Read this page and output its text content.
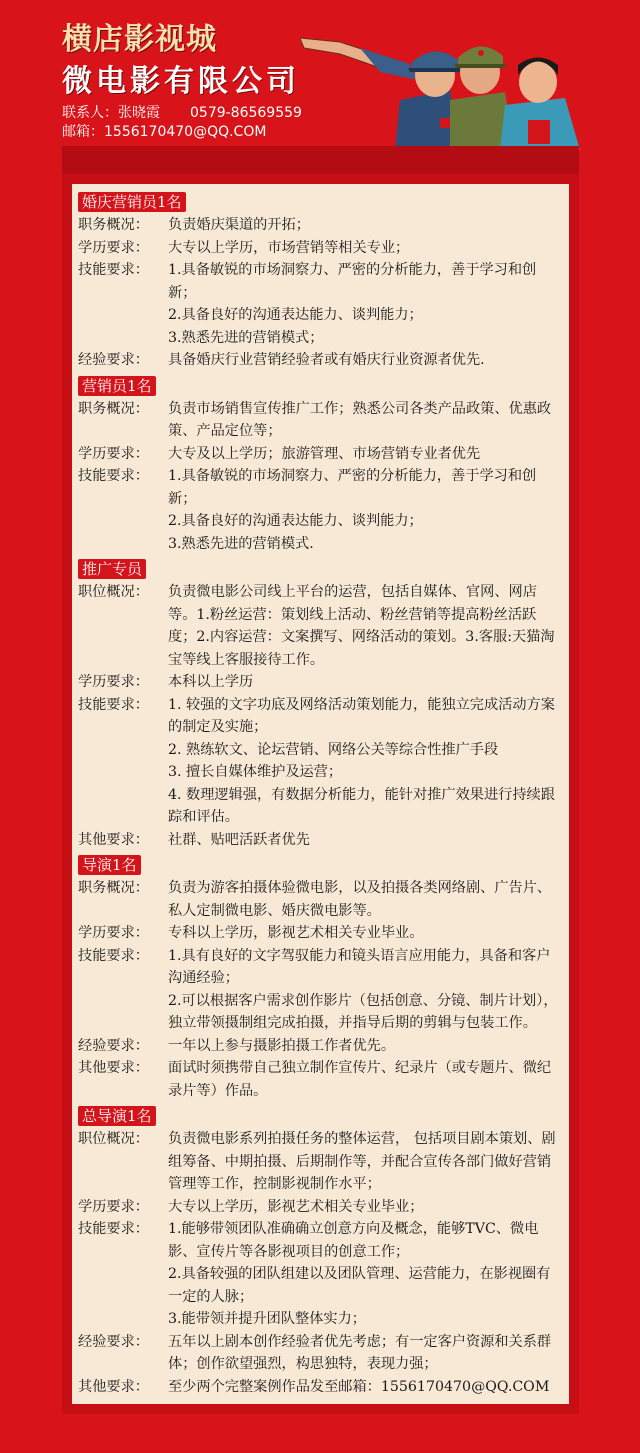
横店影视城
微电影有限公司
联系人：张晓霞 0579-86569559
邮箱：1556170470@QQ.COM
婚庆营销员1名
职务概况：	负责婚庆渠道的开拓；
学历要求：	大专以上学历，市场营销等相关专业；
技能要求：	1.具备敏锐的市场洞察力、严密的分析能力，善于学习和创新；
2.具备良好的沟通表达能力、谈判能力；
3.熟悉先进的营销模式；
经验要求：	具备婚庆行业营销经验者或有婚庆行业资源者优先.
营销员1名
职务概况：	负责市场销售宣传推广工作；熟悉公司各类产品政策、优惠政策、产品定位等；
学历要求：	大专及以上学历；旅游管理、市场营销专业者优先
技能要求：	1.具备敏锐的市场洞察力、严密的分析能力，善于学习和创新；
2.具备良好的沟通表达能力、谈判能力；
3.熟悉先进的营销模式.
推广专员
职位概况：	负责微电影公司线上平台的运营，包括自媒体、官网、网店等。1.粉丝运营：策划线上活动、粉丝营销等提高粉丝活跃度；2.内容运营：文案撰写、网络活动的策划。3.客服:天猫淘宝等线上客服接待工作。
学历要求：	本科以上学历
技能要求：	1. 较强的文字功底及网络活动策划能力，能独立完成活动方案的制定及实施；
2. 熟练软文、论坛营销、网络公关等综合性推广手段
3. 擅长自媒体维护及运营；
4. 数理逻辑强，有数据分析能力，能针对推广效果进行持续跟踪和评估。
其他要求：	社群、贴吧活跃者优先
导演1名
职务概况：	负责为游客拍摄体验微电影，以及拍摄各类网络剧、广告片、私人定制微电影、婚庆微电影等。
学历要求：	专科以上学历，影视艺术相关专业毕业。
技能要求：	1.具有良好的文字驾驭能力和镜头语言应用能力，具备和客户沟通经验；
2.可以根据客户需求创作影片（包括创意、分镜、制片计划），独立带领摄制组完成拍摄，并指导后期的剪辑与包装工作。
经验要求：	一年以上参与摄影拍摄工作者优先。
其他要求：	面试时须携带自己独立制作宣传片、纪录片（或专题片、微纪录片等）作品。
总导演1名
职位概况：	负责微电影系列拍摄任务的整体运营， 包括项目剧本策划、剧组筹备、中期拍摄、后期制作等，并配合宣传各部门做好营销管理等工作，控制影视制作水平；
学历要求：	大专以上学历，影视艺术相关专业毕业；
技能要求：	1.能够带领团队准确确立创意方向及概念，能够TVC、微电影、宣传片等各影视项目的创意工作；
2.具备较强的团队组建以及团队管理、运营能力，在影视圈有一定的人脉；
3.能带领并提升团队整体实力；
经验要求：	五年以上剧本创作经验者优先考虑；有一定客户资源和关系群体；创作欲望强烈，构思独特，表现力强；
其他要求：	至少两个完整案例作品发至邮箱：1556170470@QQ.COM
